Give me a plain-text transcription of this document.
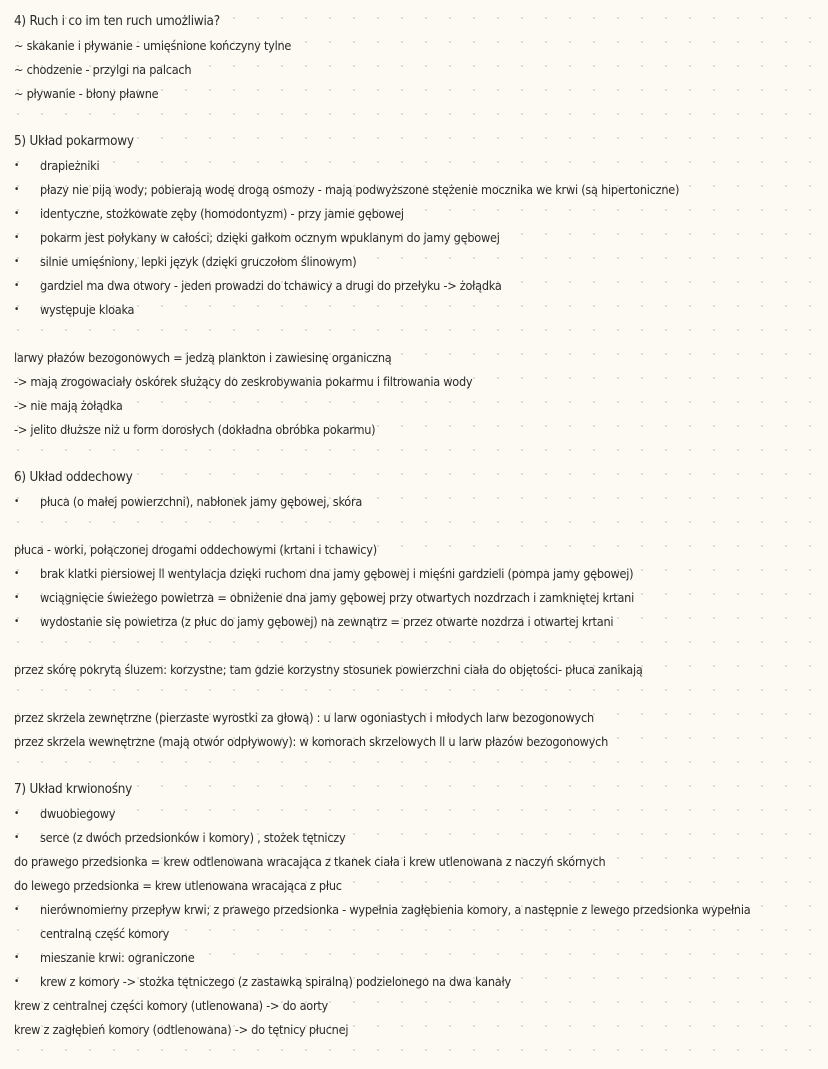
4) Ruch i co im ten ruch umożliwia?
~ skakanie i pływanie - umięśnione kończyny tylne
~ chodzenie - przylgi na palcach
~ pływanie - błony pławne
5) Układ pokarmowy
• drapieżniki
• płazy nie piją wody; pobierają wodę drogą osmozy - mają podwyższone stężenie mocznika we krwi (są hipertoniczne)
• identyczne, stożkowate zęby (homodontyzm) - przy jamie gębowej
• pokarm jest połykany w całości; dzięki gałkom ocznym wpuklanym do jamy gębowej
• silnie umięśniony, lepki język (dzięki gruczołom ślinowym)
• gardziel ma dwa otwory - jeden prowadzi do tchawicy a drugi do przełyku -> żołądka
• występuje kloaka
larwy płazów bezogonowych = jedzą plankton i zawiesinę organiczną
-> mają zrogowaciały oskórek służący do zeskrobywania pokarmu i filtrowania wody
-> nie mają żołądka
-> jelito dłuższe niż u form dorosłych (dokładna obróbka pokarmu)
6) Układ oddechowy
• płuca (o małej powierzchni), nabłonek jamy gębowej, skóra
płuca - worki, połączonej drogami oddechowymi (krtani i tchawicy)
• brak klatki piersiowej ll wentylacja dzięki ruchom dna jamy gębowej i mięśni gardzieli (pompa jamy gębowej)
• wciągnięcie świeżego powietrza = obniżenie dna jamy gębowej przy otwartych nozdrzach i zamkniętej krtani
• wydostanie się powietrza (z płuc do jamy gębowej) na zewnątrz = przez otwarte nozdrza i otwartej krtani
przez skórę pokrytą śluzem: korzystne; tam gdzie korzystny stosunek powierzchni ciała do objętości- płuca zanikają
przez skrzela zewnętrzne (pierzaste wyrostki za głową) : u larw ogoniastych i młodych larw bezogonowych
przez skrzela wewnętrzne (mają otwór odpływowy): w komorach skrzelowych ll u larw płazów bezogonowych
7) Układ krwionośny
• dwuobiegowy
• serce (z dwóch przedsionków i komory) , stożek tętniczy
do prawego przedsionka = krew odtlenowana wracająca z tkanek ciała i krew utlenowana z naczyń skórnych
do lewego przedsionka = krew utlenowana wracająca z płuc
• nierównomierny przepływ krwi; z prawego przedsionka - wypełnia zagłębienia komory, a następnie z lewego przedsionka wypełnia
centralną część komory
• mieszanie krwi: ograniczone
• krew z komory -> stożka tętniczego (z zastawką spiralną) podzielonego na dwa kanały
krew z centralnej części komory (utlenowana) -> do aorty
krew z zagłębień komory (odtlenowana) -> do tętnicy płucnej
